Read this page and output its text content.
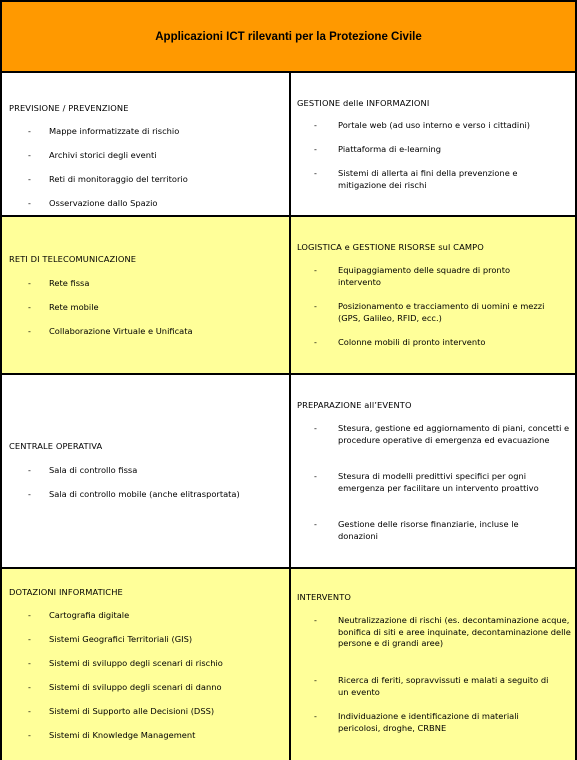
Applicazioni ICT rilevanti per la Protezione Civile
PREVISIONE / PREVENZIONE
- Mappe informatizzate di rischio
- Archivi storici degli eventi
- Reti di monitoraggio del territorio
- Osservazione dallo Spazio
GESTIONE delle INFORMAZIONI
-	Portale web (ad uso interno e verso i cittadini)
-	Piattaforma di e-learning
-	Sistemi di allerta ai fini della prevenzione e mitigazione dei rischi
RETI DI TELECOMUNICAZIONE
- Rete fissa
- Rete mobile
- Collaborazione Virtuale e Unificata
LOGISTICA e GESTIONE RISORSE sul CAMPO
-	Equipaggiamento delle squadre di pronto intervento
-	Posizionamento e tracciamento di uomini e mezzi (GPS, Galileo, RFID, ecc.)
-	Colonne mobili di pronto intervento
CENTRALE OPERATIVA
- Sala di controllo fissa
- Sala di controllo mobile (anche elitrasportata)
PREPARAZIONE all’EVENTO
-	Stesura, gestione ed aggiornamento di piani, concetti e procedure operative di emergenza ed evacuazione
-	Stesura di modelli predittivi specifici per ogni emergenza per facilitare un intervento proattivo
-	Gestione delle risorse finanziarie, incluse le donazioni
DOTAZIONI INFORMATICHE
- Cartografia digitale
- Sistemi Geografici Territoriali (GIS)
- Sistemi di sviluppo degli scenari di rischio
- Sistemi di sviluppo degli scenari di danno
- Sistemi di Supporto alle Decisioni (DSS)
- Sistemi di Knowledge Management
INTERVENTO
-	Neutralizzazione di rischi (es. decontaminazione acque, bonifica di siti e aree inquinate, decontaminazione delle persone e di grandi aree)
-	Ricerca di feriti, sopravvissuti e malati a seguito di un evento
-	Individuazione e identificazione di materiali pericolosi, droghe, CRBNE
